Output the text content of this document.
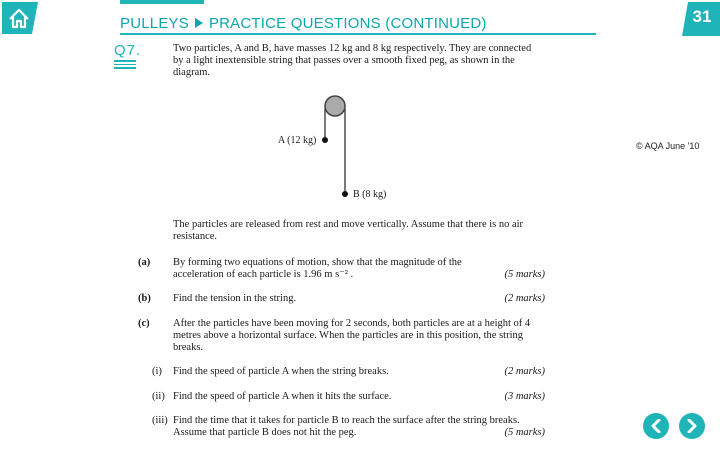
PULLEYS PRACTICE QUESTIONS (CONTINUED)	31
Q7.	Two particles, A and B, have masses 12 kg and 8 kg respectively. They are connected by a light inextensible string that passes over a smooth fixed peg, as shown in the diagram.
A (12 kg)
B (8 kg)
© AQA June '10
The particles are released from rest and move vertically. Assume that there is no air resistance.
(a) By forming two equations of motion, show that the magnitude of the acceleration of each particle is 1.96 m s⁻² .	(5 marks)
(b) Find the tension in the string.	(2 marks)
(c) After the particles have been moving for 2 seconds, both particles are at a height of 4 metres above a horizontal surface. When the particles are in this position, the string breaks.
(i) Find the speed of particle A when the string breaks.	(2 marks)
(ii) Find the speed of particle A when it hits the surface.	(3 marks)
(iii) Find the time that it takes for particle B to reach the surface after the string breaks. Assume that particle B does not hit the peg.	(5 marks)
